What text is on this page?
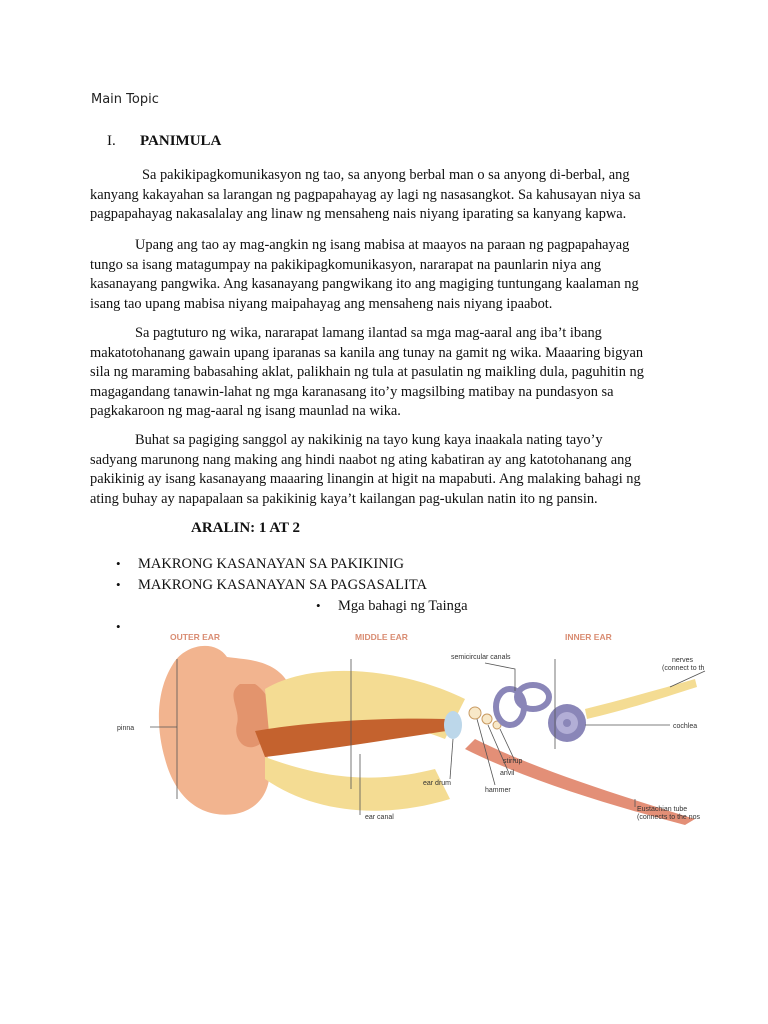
Main Topic
I. PANIMULA
Sa pakikipagkomunikasyon ng tao, sa anyong berbal man o sa anyong di-berbal, ang
kanyang kakayahan sa larangan ng pagpapahayag ay lagi ng nasasangkot. Sa kahusayan niya sa
pagpapahayag nakasalalay ang linaw ng mensaheng nais niyang iparating sa kanyang kapwa.
Upang ang tao ay mag-angkin ng isang mabisa at maayos na paraan ng pagpapahayag
tungo sa isang matagumpay na pakikipagkomunikasyon, nararapat na paunlarin niya ang
kasanayang pangwika. Ang kasanayang pangwikang ito ang magiging tuntungang kaalaman ng
isang tao upang mabisa niyang maipahayag ang mensaheng nais niyang ipaabot.
Sa pagtuturo ng wika, nararapat lamang ilantad sa mga mag-aaral ang iba’t ibang
makatotohanang gawain upang iparanas sa kanila ang tunay na gamit ng wika. Maaaring bigyan
sila ng maraming babasahing aklat, palikhain ng tula at pasulatin ng maikling dula, paguhitin ng
magagandang tanawin-lahat ng mga karanasang ito’y magsilbing matibay na pundasyon sa
pagkakaroon ng mag-aaral ng isang maunlad na wika.
Buhat sa pagiging sanggol ay nakikinig na tayo kung kaya inaakala nating tayo’y
sadyang marunong nang making ang hindi naabot ng ating kabatiran ay ang katotohanang ang
pakikinig ay isang kasanayang maaaring linangin at higit na mapabuti. Ang malaking bahagi ng
ating buhay ay napapalaan sa pakikinig kaya’t kailangan pag-ukulan natin ito ng pansin.
ARALIN: 1 AT 2
• MAKRONG KASANAYAN SA PAKIKINIG
• MAKRONG KASANAYAN SA PAGSASALITA
• Mga bahagi ng Tainga
•
OUTER EAR	MIDDLE EAR	INNER EAR
semicircular canals	nerves
(connect to th
pinna	cochlea
stirrup
anvil
ear drum
hammer
ear canal
Eustachian tube
(connects to the nos
